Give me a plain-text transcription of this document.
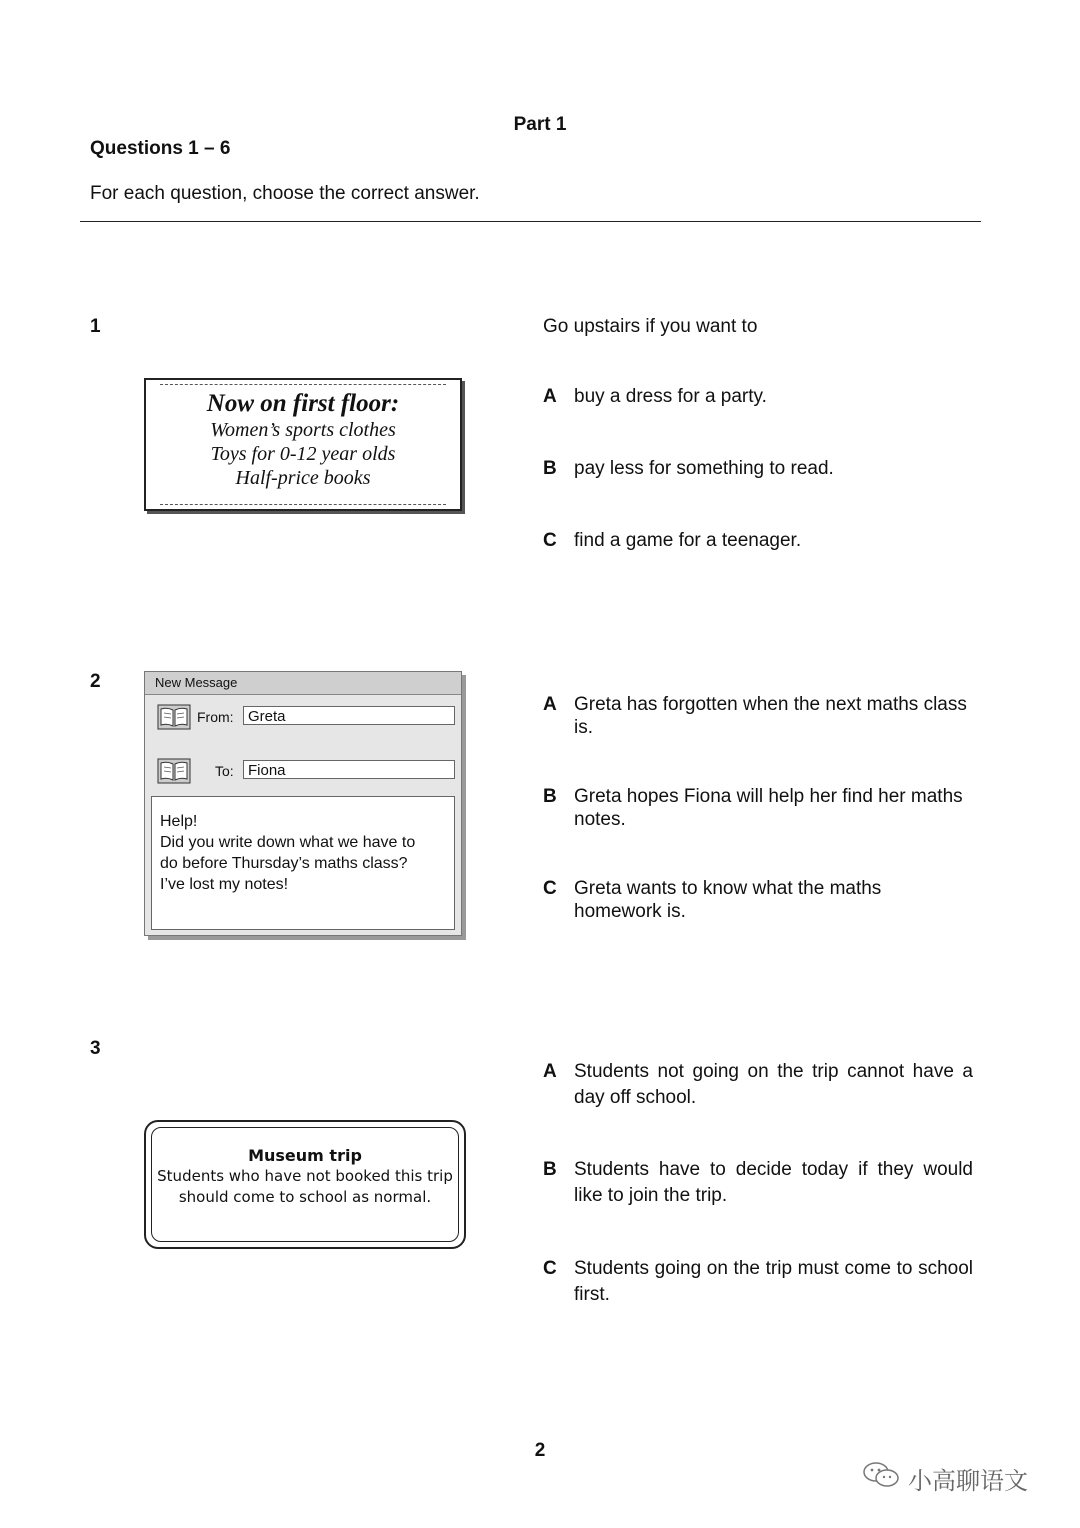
Part 1
Questions 1 – 6
For each question, choose the correct answer.
1	Go upstairs if you want to
Now on first floor:
Women’s sports clothes
Toys for 0-12 year olds
Half-price books
A buy a dress for a party.
B pay less for something to read.
C find a game for a teenager.
2	New Message
From: Greta
To: Fiona
Help!
Did you write down what we have to
do before Thursday’s maths class?
I’ve lost my notes!
A Greta has forgotten when the next maths class is.
B Greta hopes Fiona will help her find her maths notes.
C Greta wants to know what the maths homework is.
3
Museum trip
Students who have not booked this trip should come to school as normal.
A Students not going on the trip cannot have a day off school.
B Students have to decide today if they would like to join the trip.
C Students going on the trip must come to school first.
2
小高聊语文
